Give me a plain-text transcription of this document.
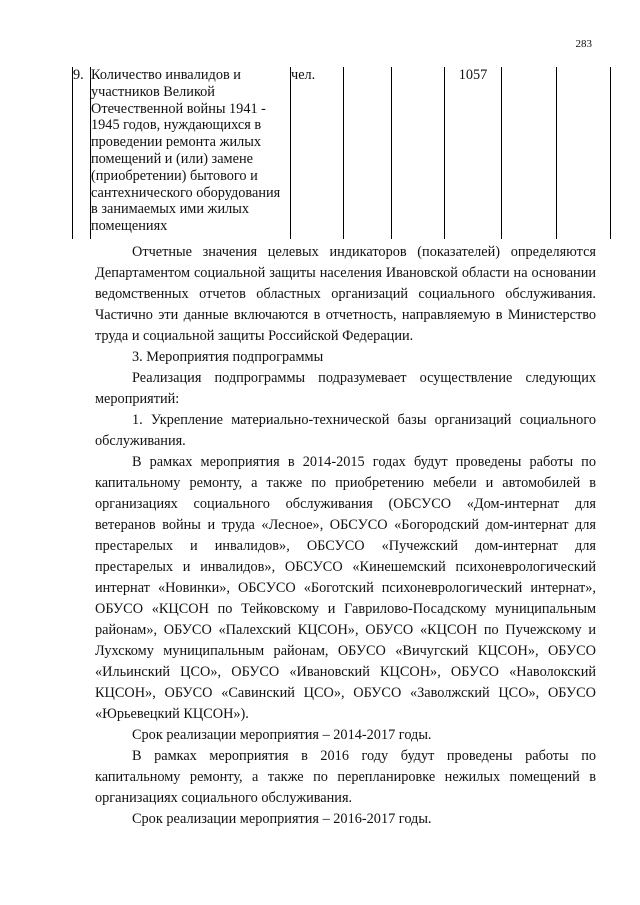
283
9.	Количество инвалидов и участников Великой Отечественной войны 1941 - 1945 годов, нуждающихся в проведении ремонта жилых помещений и (или) замене (приобретении) бытового и сантехнического оборудования в занимаемых ими жилых помещениях	чел.			1057		

Отчетные значения целевых индикаторов (показателей) определяются Департаментом социальной защиты населения Ивановской области на основании ведомственных отчетов областных организаций социального обслуживания. Частично эти данные включаются в отчетность, направляемую в Министерство труда и социальной защиты Российской Федерации.

3. Мероприятия подпрограммы

Реализация подпрограммы подразумевает осуществление следующих мероприятий:

1. Укрепление материально-технической базы организаций социального обслуживания.

В рамках мероприятия в 2014-2015 годах будут проведены работы по капитальному ремонту, а также по приобретению мебели и автомобилей в организациях социального обслуживания (ОБСУСО «Дом-интернат для ветеранов войны и труда «Лесное», ОБСУСО «Богородский дом-интернат для престарелых и инвалидов», ОБСУСО «Пучежский дом-интернат для престарелых и инвалидов», ОБСУСО «Кинешемский психоневрологический интернат «Новинки», ОБСУСО «Боготский психоневрологический интернат», ОБУСО «КЦСОН по Тейковскому и Гаврилово-Посадскому муниципальным районам», ОБУСО «Палехский КЦСОН», ОБУСО «КЦСОН по Пучежскому и Лухскому муниципальным районам, ОБУСО «Вичугский КЦСОН», ОБУСО «Ильинский ЦСО», ОБУСО «Ивановский КЦСОН», ОБУСО «Наволокский КЦСОН», ОБУСО «Савинский ЦСО», ОБУСО «Заволжский ЦСО», ОБУСО «Юрьевецкий КЦСОН»).

Срок реализации мероприятия – 2014-2017 годы.

В рамках мероприятия в 2016 году будут проведены работы по капитальному ремонту, а также по перепланировке нежилых помещений в организациях социального обслуживания.

Срок реализации мероприятия – 2016-2017 годы.
